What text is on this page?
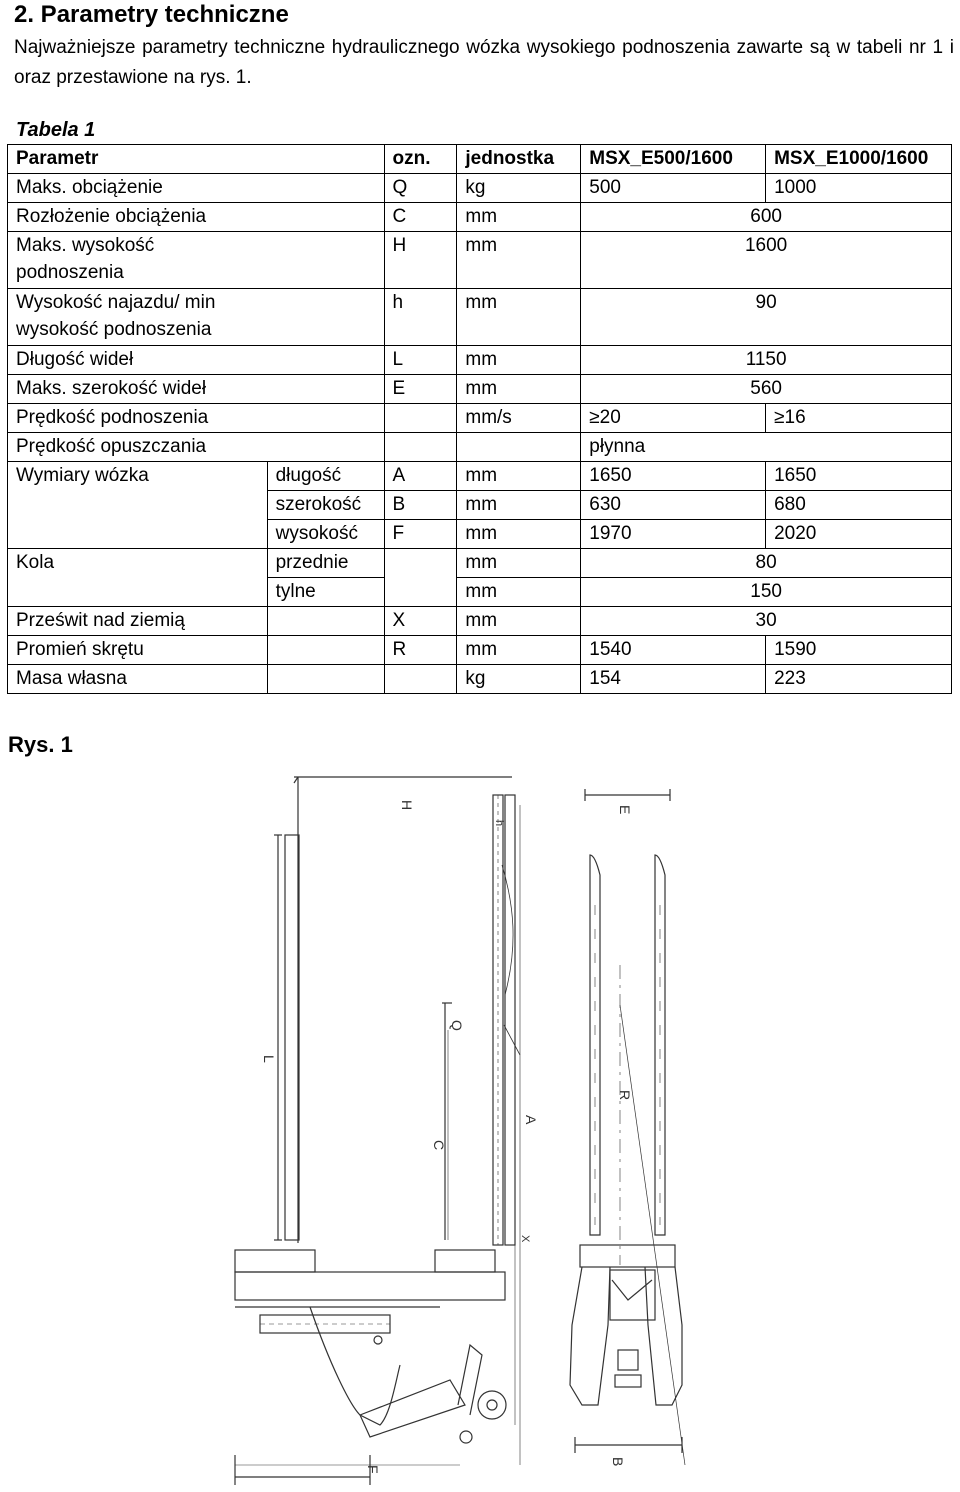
2. Parametry techniczne
Najważniejsze parametry techniczne hydraulicznego wózka wysokiego podnoszenia zawarte są w tabeli nr 1 i oraz przestawione na rys. 1.
Tabela 1
Parametr		ozn.	jednostka	MSX_E500/1600	MSX_E1000/1600
Maks. obciążenie		Q	kg	500	1000
Rozłożenie obciążenia		C	mm	600	

Maks. wysokość podnoszenia		H	mm	1600	

Wysokość najazdu/ min wysokość podnoszenia		h	mm	90	
Długość wideł		L	mm	1150	
Maks. szerokość wideł		E	mm	560	
Prędkość podnoszenia			mm/s	≥20	≥16
Prędkość opuszczania				płynna	
Wymiary wózka	długość	A	mm	1650	1650
	szerokość	B	mm	630	680
	wysokość	F	mm	1970	2020
Kola	przednie		mm	80	
	tylne		mm	150	
Prześwit nad ziemią		X	mm	30	
Promień skrętu		R	mm	1540	1590
Masa własna			kg	154	223
Rys. 1
H
h
Q
L
C
A
X
F
E
R
B
